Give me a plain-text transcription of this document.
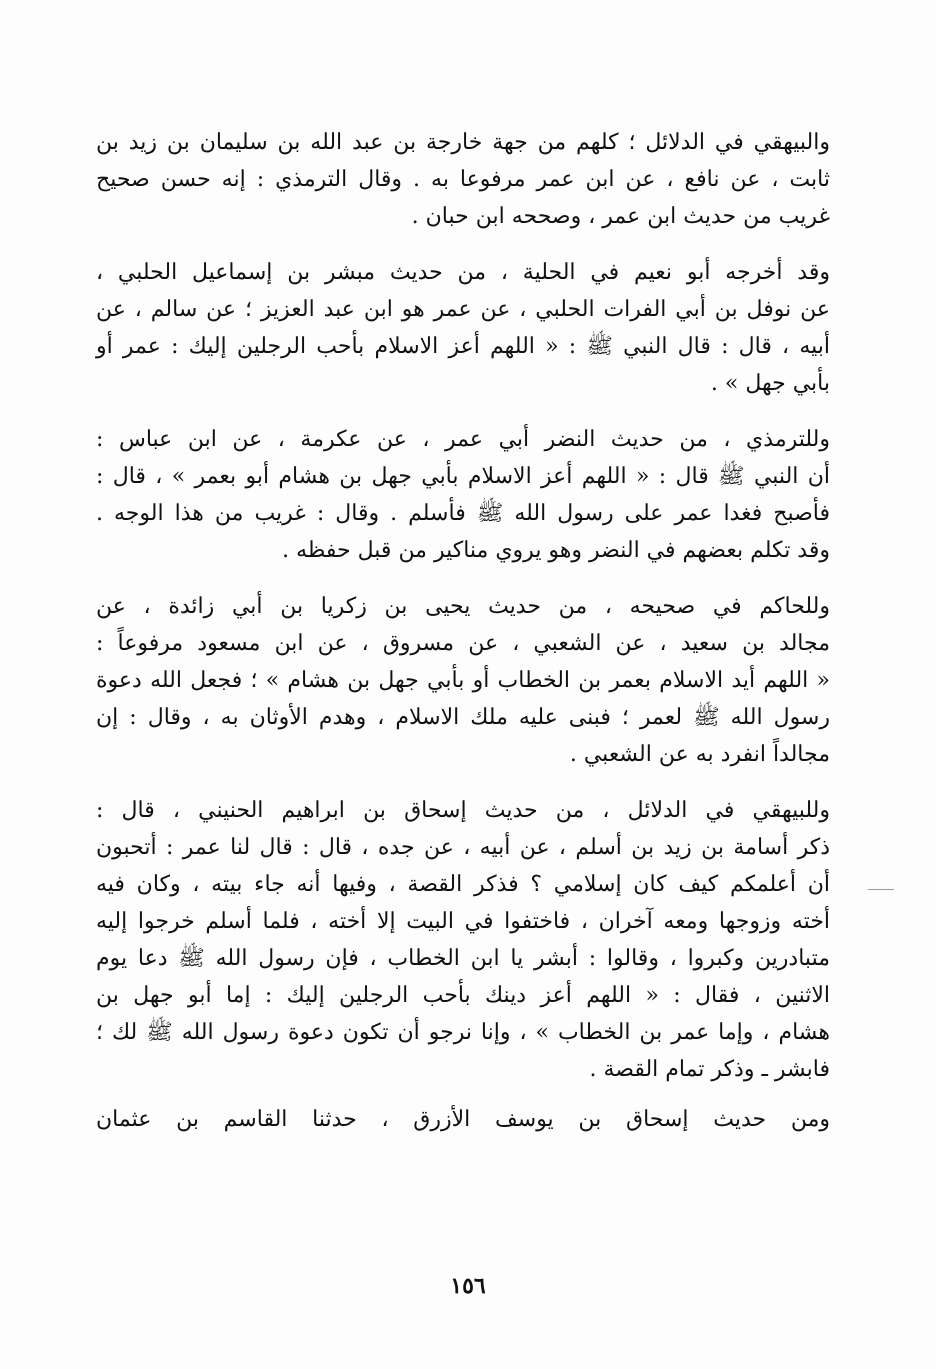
والبيهقي في الدلائل ؛ كلهم من جهة خارجة بن عبد الله بن سليمان بن زيد بن
ثابت ، عن نافع ، عن ابن عمر مرفوعا به . وقال الترمذي : إنه حسن صحيح
غريب من حديث ابن عمر ، وصححه ابن حبان .
وقد أخرجه أبو نعيم في الحلية ، من حديث مبشر بن إسماعيل الحلبي ،
عن نوفل بن أبي الفرات الحلبي ، عن عمر هو ابن عبد العزيز ؛ عن سالم ، عن
أبيه ، قال : قال النبي ﷺ : « اللهم أعز الاسلام بأحب الرجلين إليك : عمر أو
بأبي جهل » .
وللترمذي ، من حديث النضر أبي عمر ، عن عكرمة ، عن ابن عباس :
أن النبي ﷺ قال : « اللهم أعز الاسلام بأبي جهل بن هشام أبو بعمر » ، قال :
فأصبح فغدا عمر على رسول الله ﷺ فأسلم . وقال : غريب من هذا الوجه .
وقد تكلم بعضهم في النضر وهو يروي مناكير من قبل حفظه .
وللحاكم في صحيحه ، من حديث يحيى بن زكريا بن أبي زائدة ، عن
مجالد بن سعيد ، عن الشعبي ، عن مسروق ، عن ابن مسعود مرفوعاً :
« اللهم أيد الاسلام بعمر بن الخطاب أو بأبي جهل بن هشام » ؛ فجعل الله دعوة
رسول الله ﷺ لعمر ؛ فبنى عليه ملك الاسلام ، وهدم الأوثان به ، وقال : إن
مجالداً انفرد به عن الشعبي .
وللبيهقي في الدلائل ، من حديث إسحاق بن ابراهيم الحنيني ، قال :
ذكر أسامة بن زيد بن أسلم ، عن أبيه ، عن جده ، قال : قال لنا عمر : أتحبون
أن أعلمكم كيف كان إسلامي ؟ فذكر القصة ، وفيها أنه جاء بيته ، وكان فيه
أخته وزوجها ومعه آخران ، فاختفوا في البيت إلا أخته ، فلما أسلم خرجوا إليه
متبادرين وكبروا ، وقالوا : أبشر يا ابن الخطاب ، فإن رسول الله ﷺ دعا يوم
الاثنين ، فقال : « اللهم أعز دينك بأحب الرجلين إليك : إما أبو جهل بن
هشام ، وإما عمر بن الخطاب » ، وإنا نرجو أن تكون دعوة رسول الله ﷺ لك ؛
فابشر ـ وذكر تمام القصة .
ومن حديث إسحاق بن يوسف الأزرق ، حدثنا القاسم بن عثمان
١٥٦
